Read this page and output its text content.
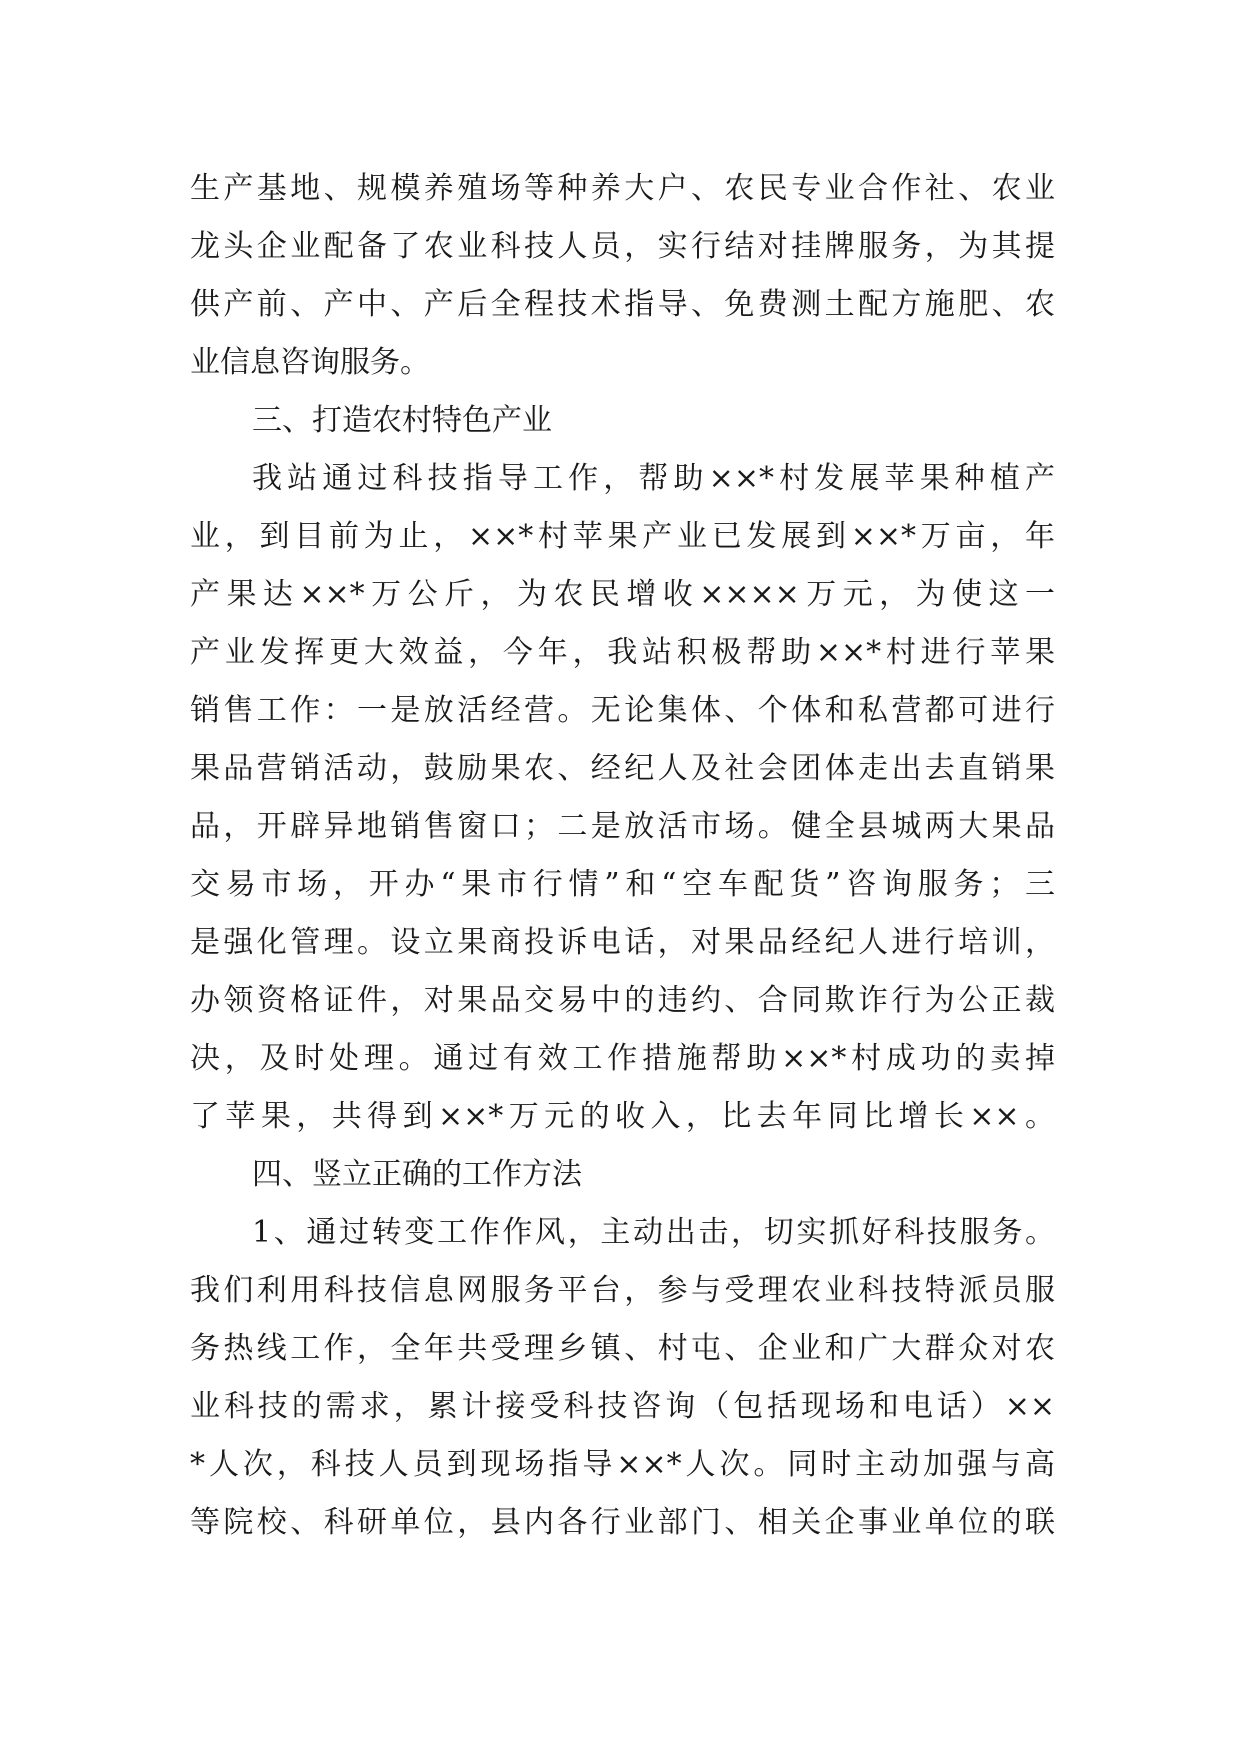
生产基地、规模养殖场等种养大户、农民专业合作社、农业
龙头企业配备了农业科技人员，实行结对挂牌服务，为其提
供产前、产中、产后全程技术指导、免费测土配方施肥、农
业信息咨询服务。
三、打造农村特色产业
我站通过科技指导工作，帮助××*村发展苹果种植产
业，到目前为止，××*村苹果产业已发展到××*万亩，年
产果达××*万公斤，为农民增收××××万元，为使这一
产业发挥更大效益，今年，我站积极帮助××*村进行苹果
销售工作：一是放活经营。无论集体、个体和私营都可进行
果品营销活动，鼓励果农、经纪人及社会团体走出去直销果
品，开辟异地销售窗口；二是放活市场。健全县城两大果品
交易市场，开办“果市行情”和“空车配货”咨询服务；三
是强化管理。设立果商投诉电话，对果品经纪人进行培训，
办领资格证件，对果品交易中的违约、合同欺诈行为公正裁
决，及时处理。通过有效工作措施帮助××*村成功的卖掉
了苹果，共得到××*万元的收入，比去年同比增长××。
四、竖立正确的工作方法
1、通过转变工作作风，主动出击，切实抓好科技服务。
我们利用科技信息网服务平台，参与受理农业科技特派员服
务热线工作，全年共受理乡镇、村屯、企业和广大群众对农
业科技的需求，累计接受科技咨询（包括现场和电话）××
*人次，科技人员到现场指导××*人次。同时主动加强与高
等院校、科研单位，县内各行业部门、相关企事业单位的联
